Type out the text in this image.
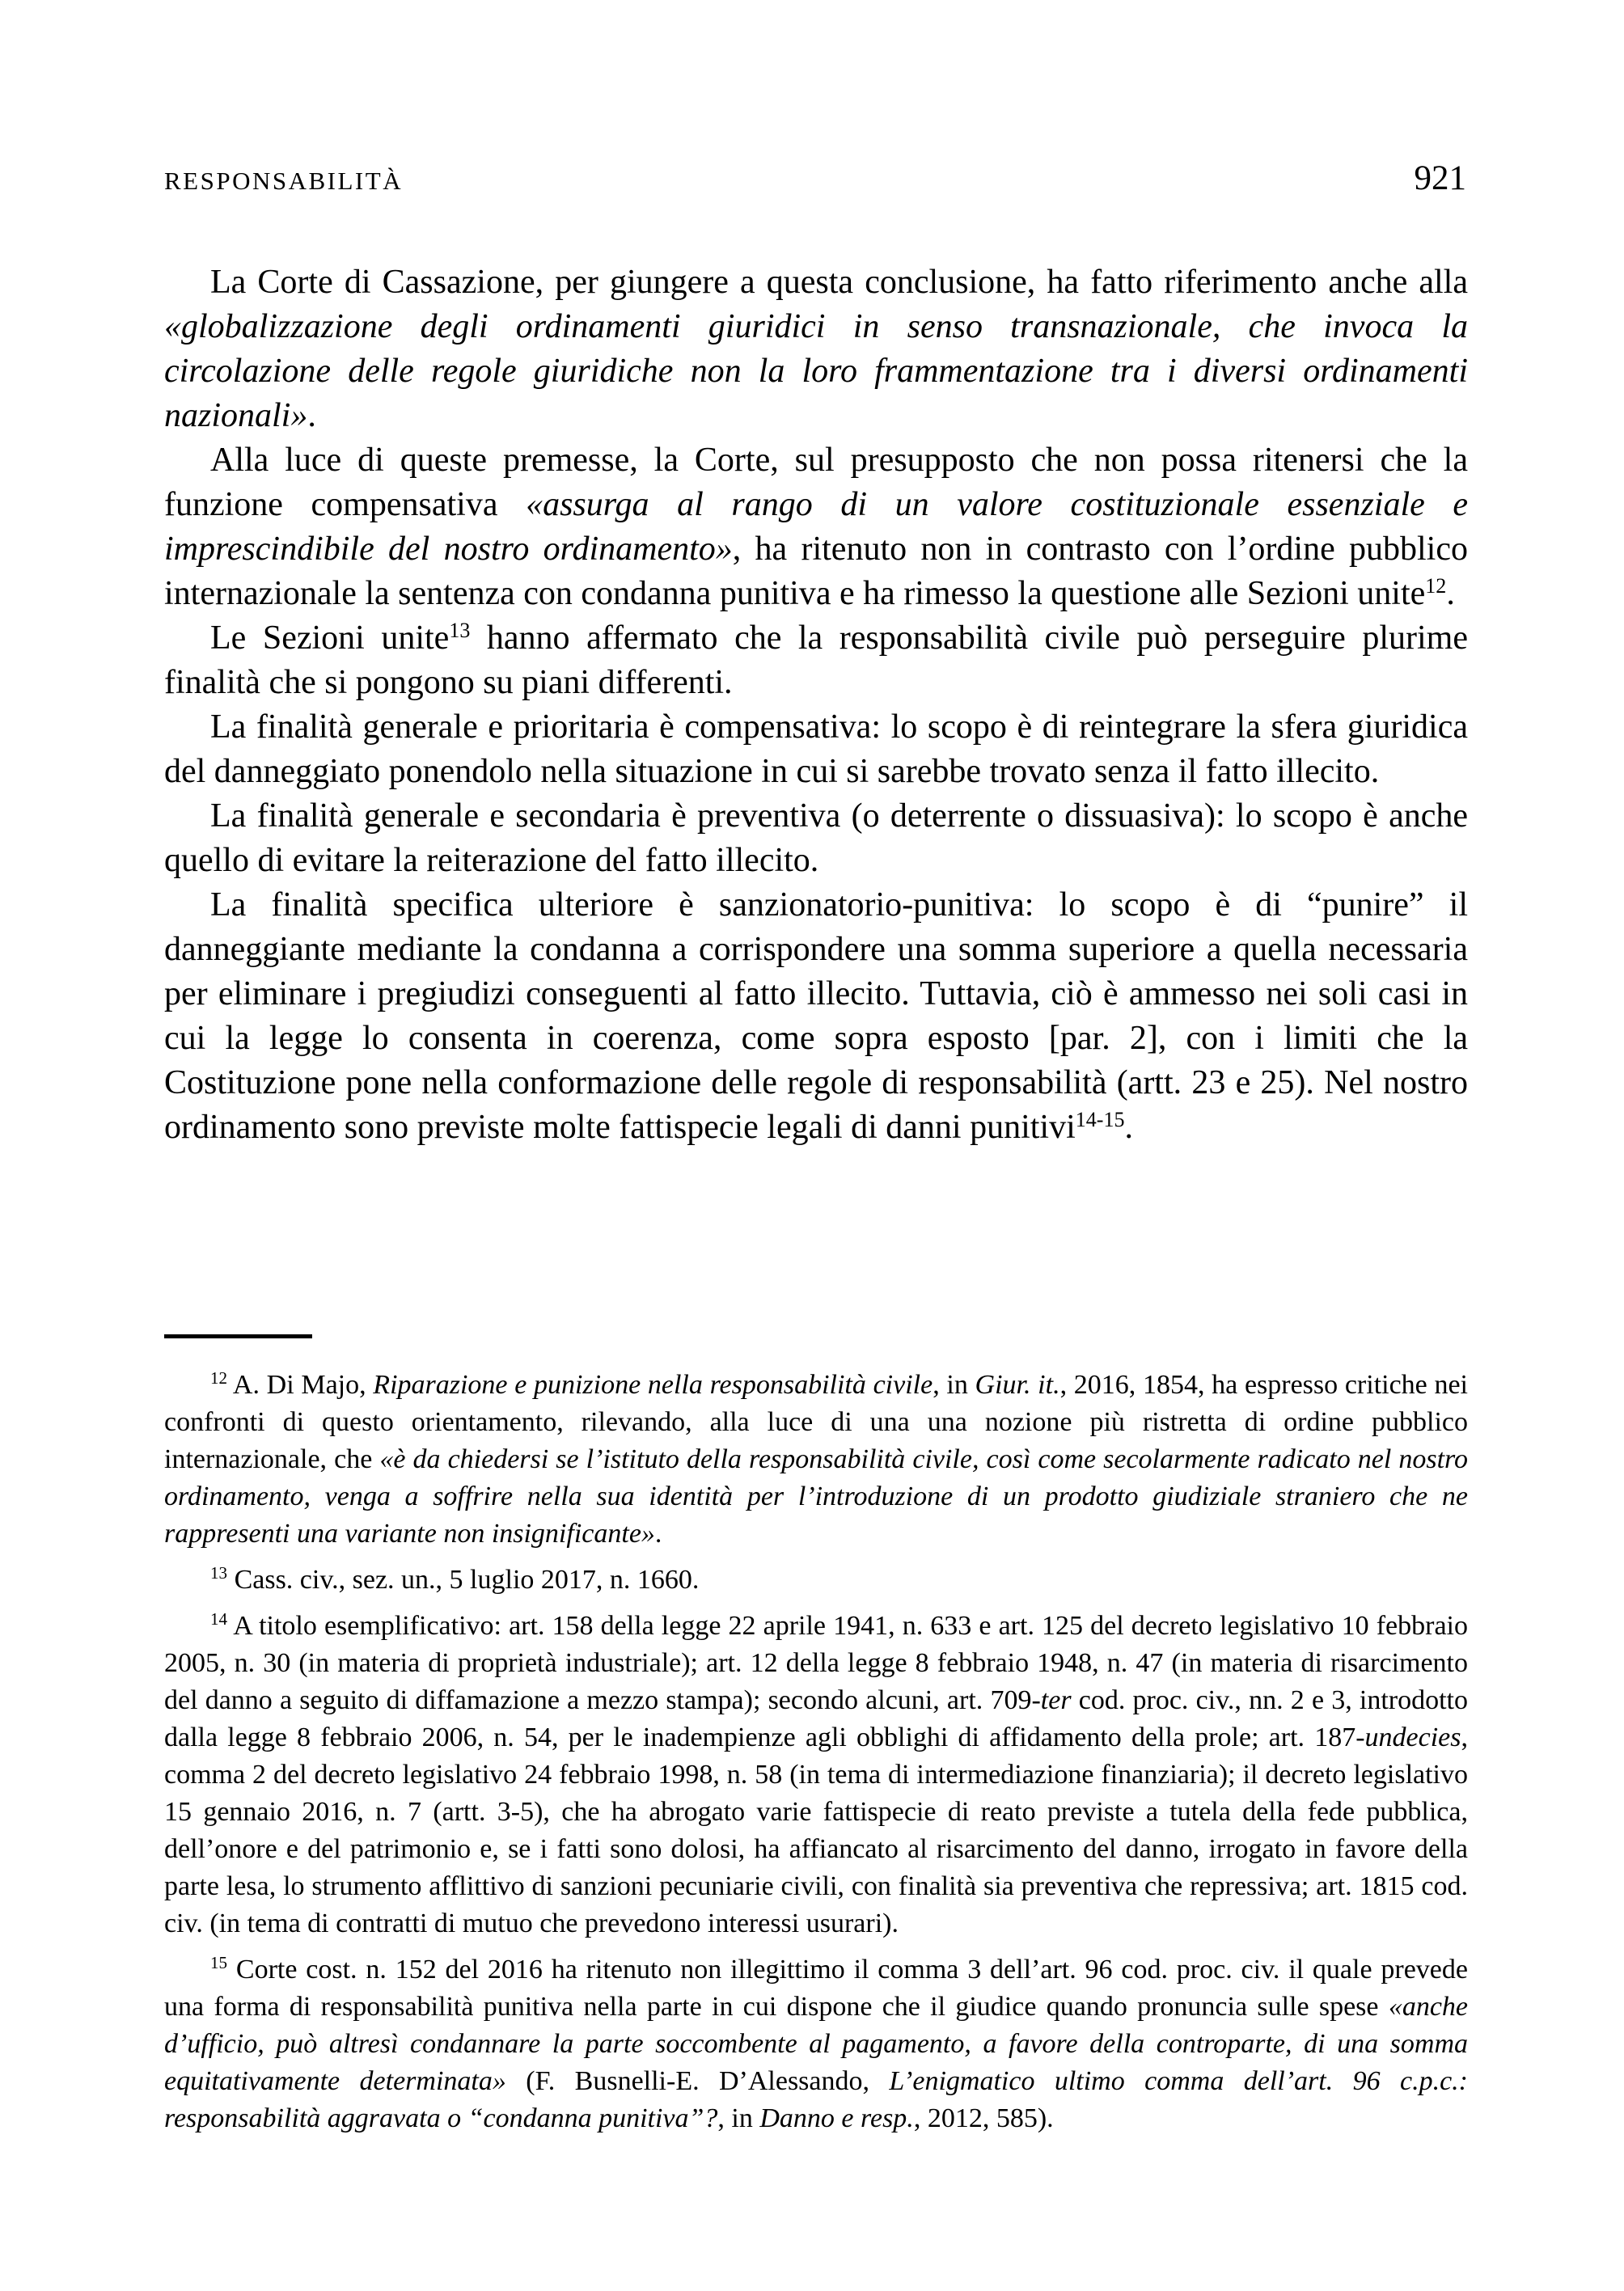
RESPONSABILITÀ	921

La Corte di Cassazione, per giungere a questa conclusione, ha fatto riferimento anche alla «globalizzazione degli ordinamenti giuridici in senso transnazionale, che invoca la circolazione delle regole giuridiche non la loro frammentazione tra i diversi ordinamenti nazionali».

Alla luce di queste premesse, la Corte, sul presupposto che non possa ritenersi che la funzione compensativa «assurga al rango di un valore costituzionale essenziale e imprescindibile del nostro ordinamento», ha ritenuto non in contrasto con l’ordine pubblico internazionale la sentenza con condanna punitiva e ha rimesso la questione alle Sezioni unite$^{12}$.

Le Sezioni unite$^{13}$ hanno affermato che la responsabilità civile può perseguire plurime finalità che si pongono su piani differenti.

La finalità generale e prioritaria è compensativa: lo scopo è di reintegrare la sfera giuridica del danneggiato ponendolo nella situazione in cui si sarebbe trovato senza il fatto illecito.

La finalità generale e secondaria è preventiva (o deterrente o dissuasiva): lo scopo è anche quello di evitare la reiterazione del fatto illecito.

La finalità specifica ulteriore è sanzionatorio-punitiva: lo scopo è di “punire” il danneggiante mediante la condanna a corrispondere una somma superiore a quella necessaria per eliminare i pregiudizi conseguenti al fatto illecito. Tuttavia, ciò è ammesso nei soli casi in cui la legge lo consenta in coerenza, come sopra esposto [par. 2], con i limiti che la Costituzione pone nella conformazione delle regole di responsabilità (artt. 23 e 25). Nel nostro ordinamento sono previste molte fattispecie legali di danni punitivi$^{14-15}$.

$^{12}$ A. Di Majo, Riparazione e punizione nella responsabilità civile, in Giur. it., 2016, 1854, ha espresso critiche nei confronti di questo orientamento, rilevando, alla luce di una una nozione più ristretta di ordine pubblico internazionale, che «è da chiedersi se l’istituto della responsabilità civile, così come secolarmente radicato nel nostro ordinamento, venga a soffrire nella sua identità per l’introduzione di un prodotto giudiziale straniero che ne rappresenti una variante non insignificante».

$^{13}$ Cass. civ., sez. un., 5 luglio 2017, n. 1660.

$^{14}$ A titolo esemplificativo: art. 158 della legge 22 aprile 1941, n. 633 e art. 125 del decreto legislativo 10 febbraio 2005, n. 30 (in materia di proprietà industriale); art. 12 della legge 8 febbraio 1948, n. 47 (in materia di risarcimento del danno a seguito di diffamazione a mezzo stampa); secondo alcuni, art. 709-ter cod. proc. civ., nn. 2 e 3, introdotto dalla legge 8 febbraio 2006, n. 54, per le inadempienze agli obblighi di affidamento della prole; art. 187-undecies, comma 2 del decreto legislativo 24 febbraio 1998, n. 58 (in tema di intermediazione finanziaria); il decreto legislativo 15 gennaio 2016, n. 7 (artt. 3-5), che ha abrogato varie fattispecie di reato previste a tutela della fede pubblica, dell’onore e del patrimonio e, se i fatti sono dolosi, ha affiancato al risarcimento del danno, irrogato in favore della parte lesa, lo strumento afflittivo di sanzioni pecuniarie civili, con finalità sia preventiva che repressiva; art. 1815 cod. civ. (in tema di contratti di mutuo che prevedono interessi usurari).

$^{15}$ Corte cost. n. 152 del 2016 ha ritenuto non illegittimo il comma 3 dell’art. 96 cod. proc. civ. il quale prevede una forma di responsabilità punitiva nella parte in cui dispone che il giudice quando pronuncia sulle spese «anche d’ufficio, può altresì condannare la parte soccombente al pagamento, a favore della controparte, di una somma equitativamente determinata» (F. Busnelli-E. D’Alessando, L’enigmatico ultimo comma dell’art. 96 c.p.c.: responsabilità aggravata o “condanna punitiva”?, in Danno e resp., 2012, 585).
